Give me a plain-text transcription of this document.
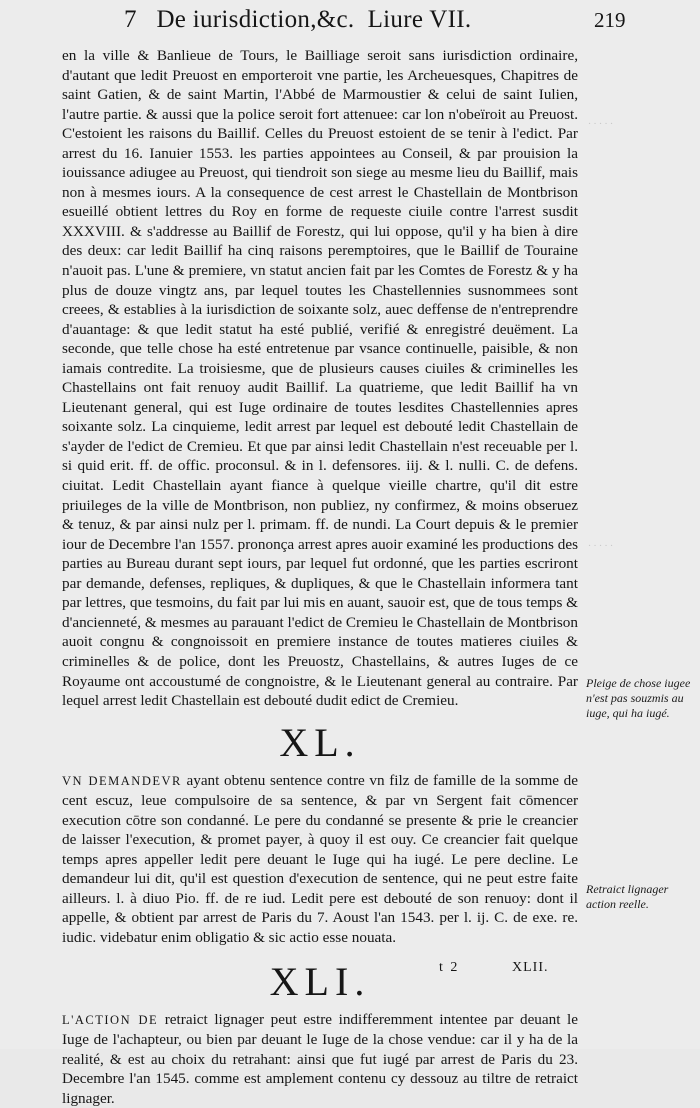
7   De iurisdiction,&c.  Liure VII.	219
· · · · ·
· · · · ·

en la ville & Banlieue de Tours, le Bailliage seroit sans iurisdiction ordinaire, d'autant que ledit Preuost en emporteroit vne partie, les Archeuesques, Chapitres de saint Gatien, & de saint Martin, l'Abbé de Marmoustier & celui de saint Iulien, l'autre partie. & aussi que la police seroit fort attenuee: car lon n'obeïroit au Preuost. C'estoient les raisons du Baillif. Celles du Preuost estoient de se tenir à l'edict. Par arrest du 16. Ianuier 1553. les parties appointees au Conseil, & par prouision la iouissance adiugee au Preuost, qui tiendroit son siege au mesme lieu du Baillif, mais non à mesmes iours. A la consequence de cest arrest le Chastellain de Montbrison esueillé obtient lettres du Roy en forme de requeste ciuile contre l'arrest susdit XXXVIII. & s'addresse au Baillif de Forestz, qui lui oppose, qu'il y ha bien à dire des deux: car ledit Baillif ha cinq raisons peremptoires, que le Baillif de Touraine n'auoit pas. L'une & premiere, vn statut ancien fait par les Comtes de Forestz & y ha plus de douze vingtz ans, par lequel toutes les Chastellennies susnommees sont creees, & establies à la iurisdiction de soixante solz, auec deffense de n'entreprendre d'auantage: & que ledit statut ha esté publié, verifié & enregistré deuëment. La seconde, que telle chose ha esté entretenue par vsance continuelle, paisible, & non iamais contredite. La troisiesme, que de plusieurs causes ciuiles & criminelles les Chastellains ont fait renuoy audit Baillif. La quatrieme, que ledit Baillif ha vn Lieutenant general, qui est Iuge ordinaire de toutes lesdites Chastellennies apres soixante solz. La cinquieme, ledit arrest par lequel est debouté ledit Chastellain de s'ayder de l'edict de Cremieu. Et que par ainsi ledit Chastellain n'est receuable per l. si quid erit. ff. de offic. proconsul. & in l. defensores. iij. & l. nulli. C. de defens. ciuitat. Ledit Chastellain ayant fiance à quelque vieille chartre, qu'il dit estre priuileges de la ville de Montbrison, non publiez, ny confirmez, & moins obseruez & tenuz, & par ainsi nulz per l. primam. ff. de nundi. La Court depuis & le premier iour de Decembre l'an 1557. prononça arrest apres auoir examiné les productions des parties au Bureau durant sept iours, par lequel fut ordonné, que les parties escriront par demande, defenses, repliques, & dupliques, & que le Chastellain informera tant par lettres, que tesmoins, du fait par lui mis en auant, sauoir est, que de tous temps & d'ancienneté, & mesmes au parauant l'edict de Cremieu le Chastellain de Montbrison auoit congnu & congnoissoit en premiere instance de toutes matieres ciuiles & criminelles & de police, dont les Preuostz, Chastellains, & autres Iuges de ce Royaume ont accoustumé de congnoistre, & le Lieutenant general au contraire. Par lequel arrest ledit Chastellain est debouté dudit edict de Cremieu.

XL.

VN DEMANDEVR ayant obtenu sentence contre vn filz de famille de la somme de cent escuz, leue compulsoire de sa sentence, & par vn Sergent fait cōmencer execution cōtre son condanné. Le pere du condanné se presente & prie le creancier de laisser l'execution, & promet payer, à quoy il est ouy. Ce creancier fait quelque temps apres appeller ledit pere deuant le Iuge qui ha iugé. Le pere decline. Le demandeur lui dit, qu'il est question d'execution de sentence, qui ne peut estre faite ailleurs. l. à diuo Pio. ff. de re iud. Ledit pere est debouté de son renuoy: dont il appelle, & obtient par arrest de Paris du 7. Aoust l'an 1543. per l. ij. C. de exe. re. iudic. videbatur enim obligatio & sic actio esse nouata.

XLI.

L'ACTION DE retraict lignager peut estre indifferemment intentee par deuant le Iuge de l'achapteur, ou bien par deuant le Iuge de la chose vendue: car il y ha de la realité, & est au choix du retrahant: ainsi que fut iugé par arrest de Paris du 23. Decembre l'an 1545. comme est amplement contenu cy dessouz au tiltre de retraict lignager.

Pleige de chose iugee n'est pas souzmis au iuge, qui ha iugé.
Retraict lignager action reelle.
t 2	XLII.
